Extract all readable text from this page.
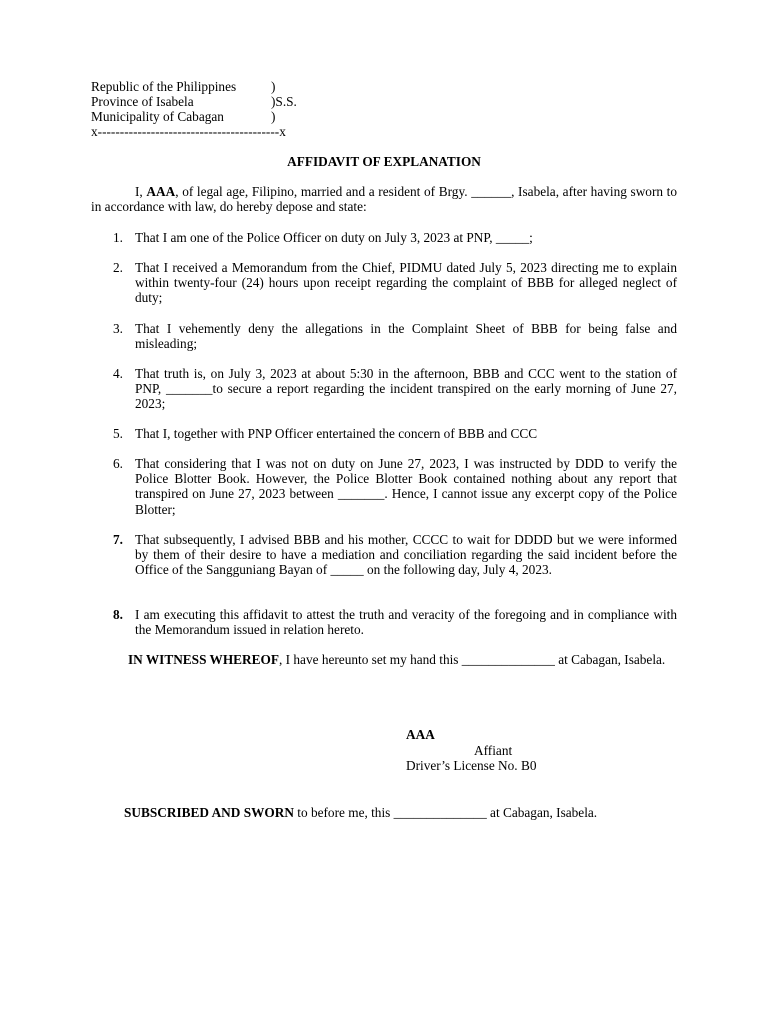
Republic of the Philippines	)
Province of Isabela	)S.S.
Municipality of Cabagan	)
x-----------------------------------------x
AFFIDAVIT OF EXPLANATION
I, AAA, of legal age, Filipino, married and a resident of Brgy. ______, Isabela, after having sworn to in accordance with law, do hereby depose and state:
1. That I am one of the Police Officer on duty on July 3, 2023 at PNP, _____;
2. That I received a Memorandum from the Chief, PIDMU dated July 5, 2023 directing me to explain within twenty-four (24) hours upon receipt regarding the complaint of BBB for alleged neglect of duty;
3. That I vehemently deny the allegations in the Complaint Sheet of BBB for being false and misleading;
4. That truth is, on July 3, 2023 at about 5:30 in the afternoon, BBB and CCC went to the station of PNP, _______to secure a report regarding the incident transpired on the early morning of June 27, 2023;
5. That I, together with PNP Officer entertained the concern of BBB and CCC
6. That considering that I was not on duty on June 27, 2023, I was instructed by DDD to verify the Police Blotter Book. However, the Police Blotter Book contained nothing about any report that transpired on June 27, 2023 between _______. Hence, I cannot issue any excerpt copy of the Police Blotter;
7. That subsequently, I advised BBB and his mother, CCCC to wait for DDDD but we were informed by them of their desire to have a mediation and conciliation regarding the said incident before the Office of the Sangguniang Bayan of _____ on the following day, July 4, 2023.
8. I am executing this affidavit to attest the truth and veracity of the foregoing and in compliance with the Memorandum issued in relation hereto.
IN WITNESS WHEREOF, I have hereunto set my hand this ______________ at Cabagan, Isabela.
AAA
Affiant
Driver’s License No. B0
SUBSCRIBED AND SWORN to before me, this ______________ at Cabagan, Isabela.
